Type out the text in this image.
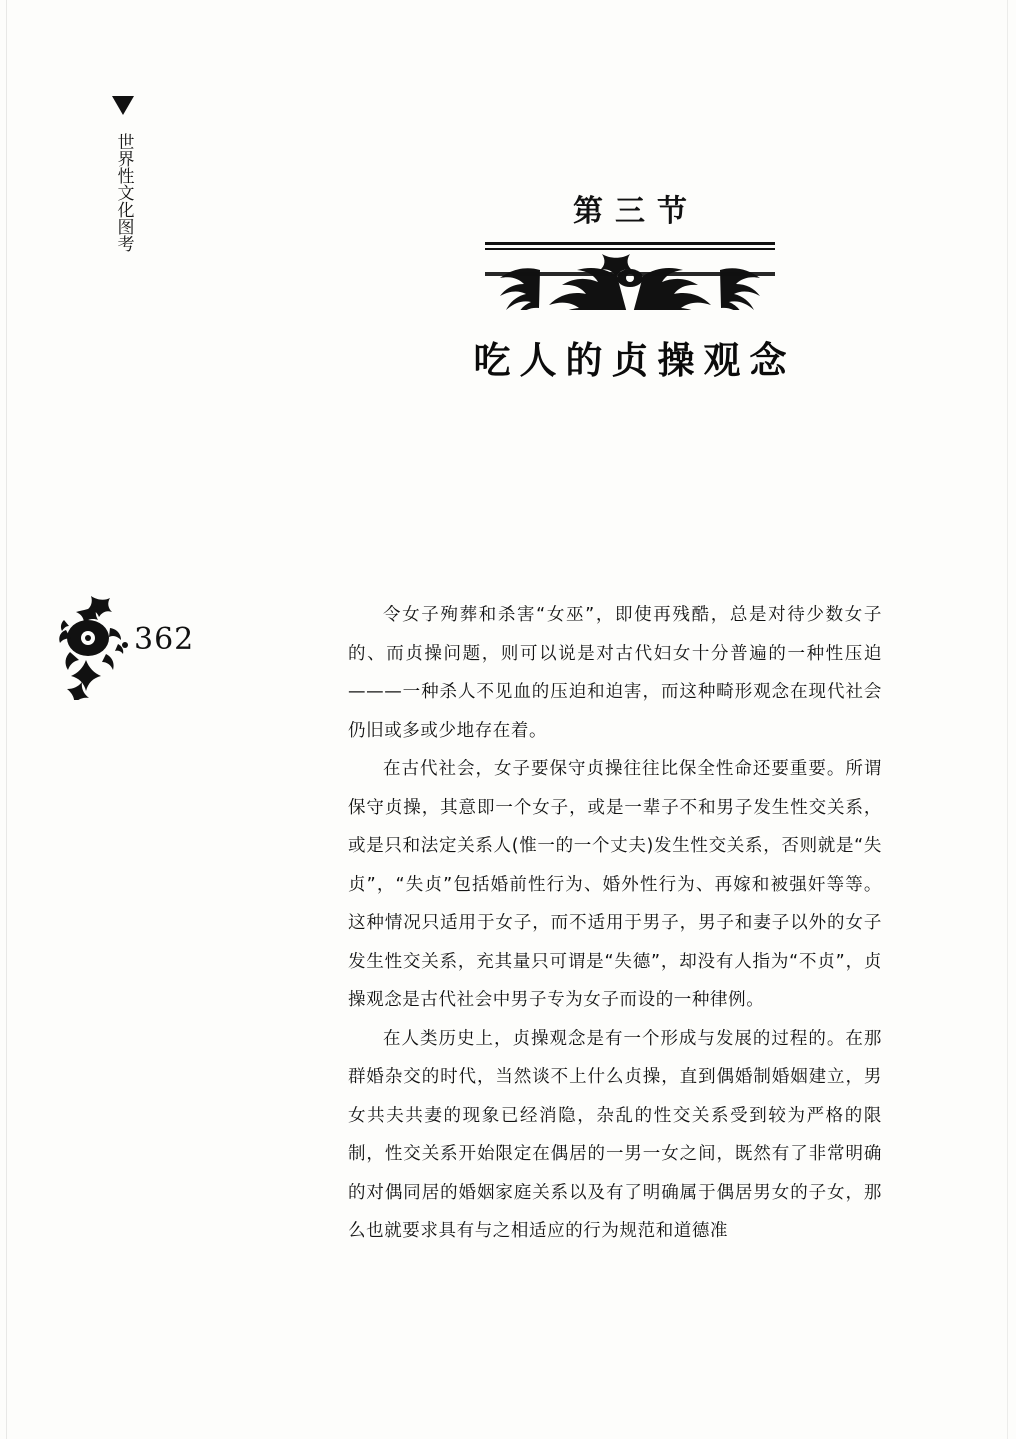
世界性文化图考
362
第三节
吃人的贞操观念

令女子殉葬和杀害“女巫”，即使再残酷，总是对待少数女子的、而贞操问题，则可以说是对古代妇女十分普遍的一种性压迫———一种杀人不见血的压迫和迫害，而这种畸形观念在现代社会仍旧或多或少地存在着。

在古代社会，女子要保守贞操往往比保全性命还要重要。所谓保守贞操，其意即一个女子，或是一辈子不和男子发生性交关系，或是只和法定关系人(惟一的一个丈夫)发生性交关系，否则就是“失贞”，“失贞”包括婚前性行为、婚外性行为、再嫁和被强奸等等。这种情况只适用于女子，而不适用于男子，男子和妻子以外的女子发生性交关系，充其量只可谓是“失德”，却没有人指为“不贞”，贞操观念是古代社会中男子专为女子而设的一种律例。

在人类历史上，贞操观念是有一个形成与发展的过程的。在那群婚杂交的时代，当然谈不上什么贞操，直到偶婚制婚姻建立，男女共夫共妻的现象已经消隐，杂乱的性交关系受到较为严格的限制，性交关系开始限定在偶居的一男一女之间，既然有了非常明确的对偶同居的婚姻家庭关系以及有了明确属于偶居男女的子女，那么也就要求具有与之相适应的行为规范和道德准
